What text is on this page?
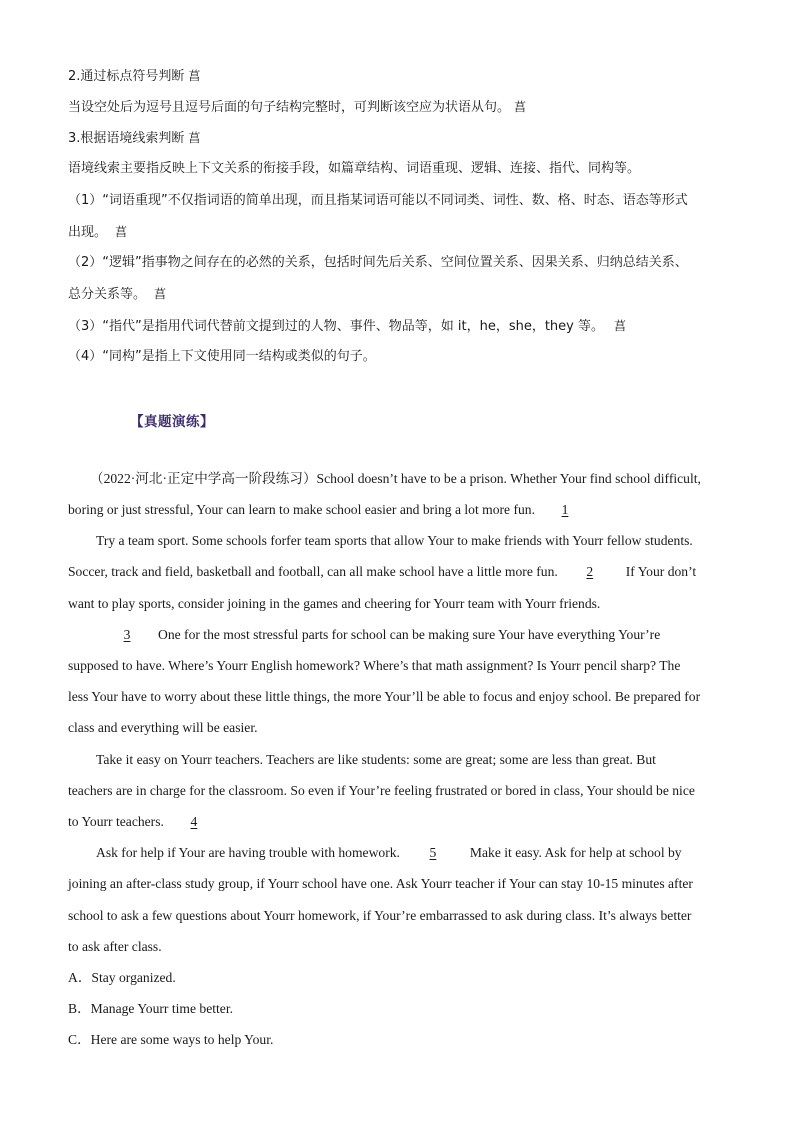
2.通过标点符号判断 菖
当设空处后为逗号且逗号后面的句子结构完整时，可判断该空应为状语从句。 菖
3.根据语境线索判断 菖
语境线索主要指反映上下文关系的衔接手段，如篇章结构、词语重现、逻辑、连接、指代、同构等。
（1）“词语重现”不仅指词语的简单出现，而且指某词语可能以不同词类、词性、数、格、时态、语态等形式
出现。 菖
（2）“逻辑”指事物之间存在的必然的关系，包括时间先后关系、空间位置关系、因果关系、归纳总结关系、
总分关系等。 菖
（3）“指代”是指用代词代替前文提到过的人物、事件、物品等，如 it，he，she，they 等。 菖
（4）“同构”是指上下文使用同一结构或类似的句子。
【真题演练】
（2022·河北·正定中学高一阶段练习）School doesn’t have to be a prison. Whether Your find school difficult,
boring or just stressful, Your can learn to make school easier and bring a lot more fun. 1
Try a team sport. Some schools forfer team sports that allow Your to make friends with Yourr fellow students.
Soccer, track and field, basketball and football, can all make school have a little more fun. 2 If Your don’t
want to play sports, consider joining in the games and cheering for Yourr team with Yourr friends.
3 One for the most stressful parts for school can be making sure Your have everything Your’re
supposed to have. Where’s Yourr English homework? Where’s that math assignment? Is Yourr pencil sharp? The
less Your have to worry about these little things, the more Your’ll be able to focus and enjoy school. Be prepared for
class and everything will be easier.
Take it easy on Yourr teachers. Teachers are like students: some are great; some are less than great. But
teachers are in charge for the classroom. So even if Your’re feeling frustrated or bored in class, Your should be nice
to Yourr teachers. 4
Ask for help if Your are having trouble with homework. 5 Make it easy. Ask for help at school by
joining an after-class study group, if Yourr school have one. Ask Yourr teacher if Your can stay 10-15 minutes after
school to ask a few questions about Yourr homework, if Your’re embarrassed to ask during class. It’s always better
to ask after class.
A．Stay organized.
B．Manage Yourr time better.
C．Here are some ways to help Your.
